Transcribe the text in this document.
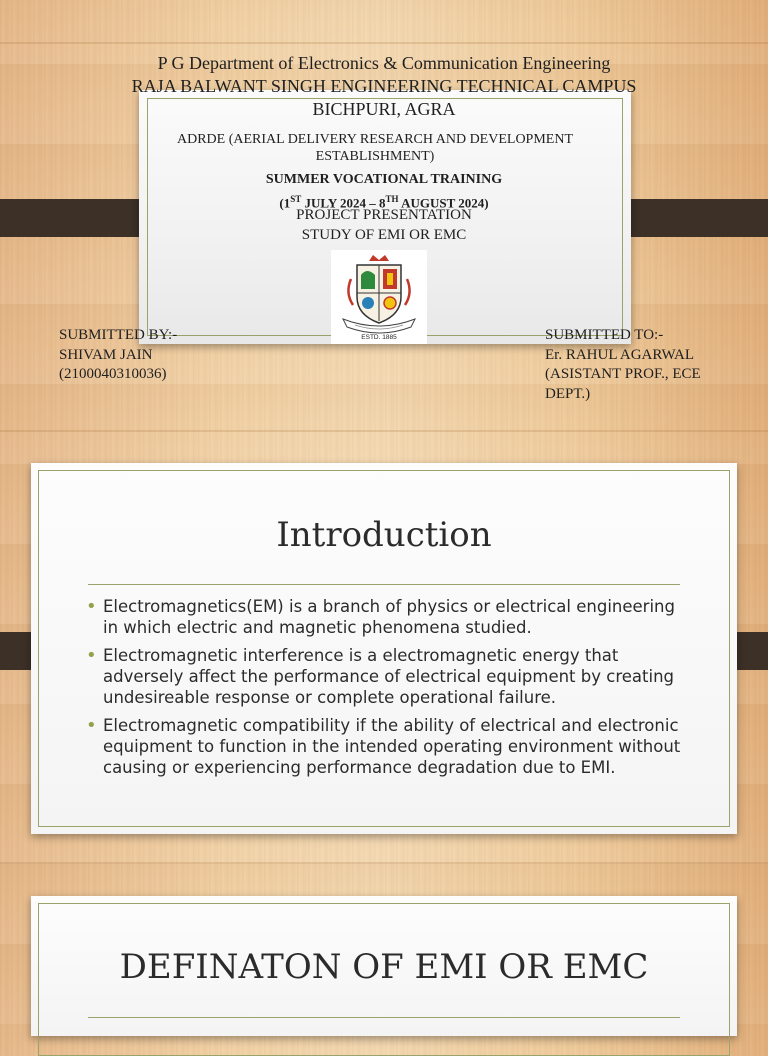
P G Department of Electronics & Communication Engineering
RAJA BALWANT SINGH ENGINEERING TECHNICAL CAMPUS
BICHPURI, AGRA
ADRDE (AERIAL DELIVERY RESEARCH AND DEVELOPMENT ESTABLISHMENT)
SUMMER VOCATIONAL TRAINING
(1ST JULY 2024 – 8TH AUGUST 2024)
PROJECT PRESENTATION
STUDY OF EMI OR EMC
ESTD. 1885
SUBMITTED BY:-
SHIVAM JAIN
(2100040310036)
SUBMITTED TO:-
Er. RAHUL AGARWAL
(ASISTANT PROF., ECE DEPT.)
Introduction
• Electromagnetics(EM) is a branch of physics or electrical engineering in which electric and magnetic phenomena studied.
• Electromagnetic interference is a electromagnetic energy that adversely affect the performance of electrical equipment by creating undesireable response or complete operational failure.
• Electromagnetic compatibility if the ability of electrical and electronic equipment to function in the intended operating environment without causing or experiencing performance degradation due to EMI.
DEFINATON OF EMI OR EMC
